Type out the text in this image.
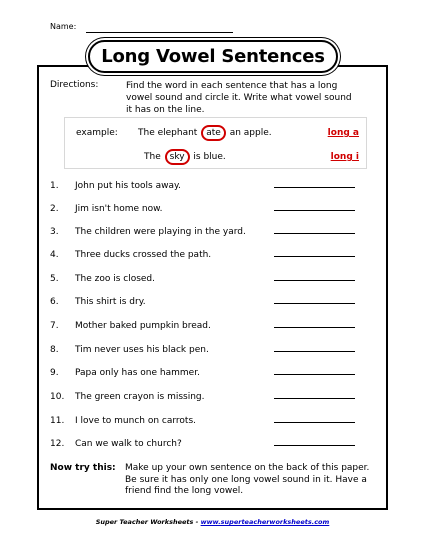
Name:
Long Vowel Sentences
Directions:	Find the word in each sentence that has a long vowel sound and circle it. Write what vowel sound it has on the line.
example: The elephant ate an apple.	long a
The sky is blue.	long i
1. John put his tools away.
2. Jim isn't home now.
3. The children were playing in the yard.
4. Three ducks crossed the path.
5. The zoo is closed.
6. This shirt is dry.
7. Mother baked pumpkin bread.
8. Tim never uses his black pen.
9. Papa only has one hammer.
10. The green crayon is missing.
11. I love to munch on carrots.
12. Can we walk to church?
Now try this: Make up your own sentence on the back of this paper. Be sure it has only one long vowel sound in it. Have a friend find the long vowel.
Super Teacher Worksheets - www.superteacherworksheets.com
